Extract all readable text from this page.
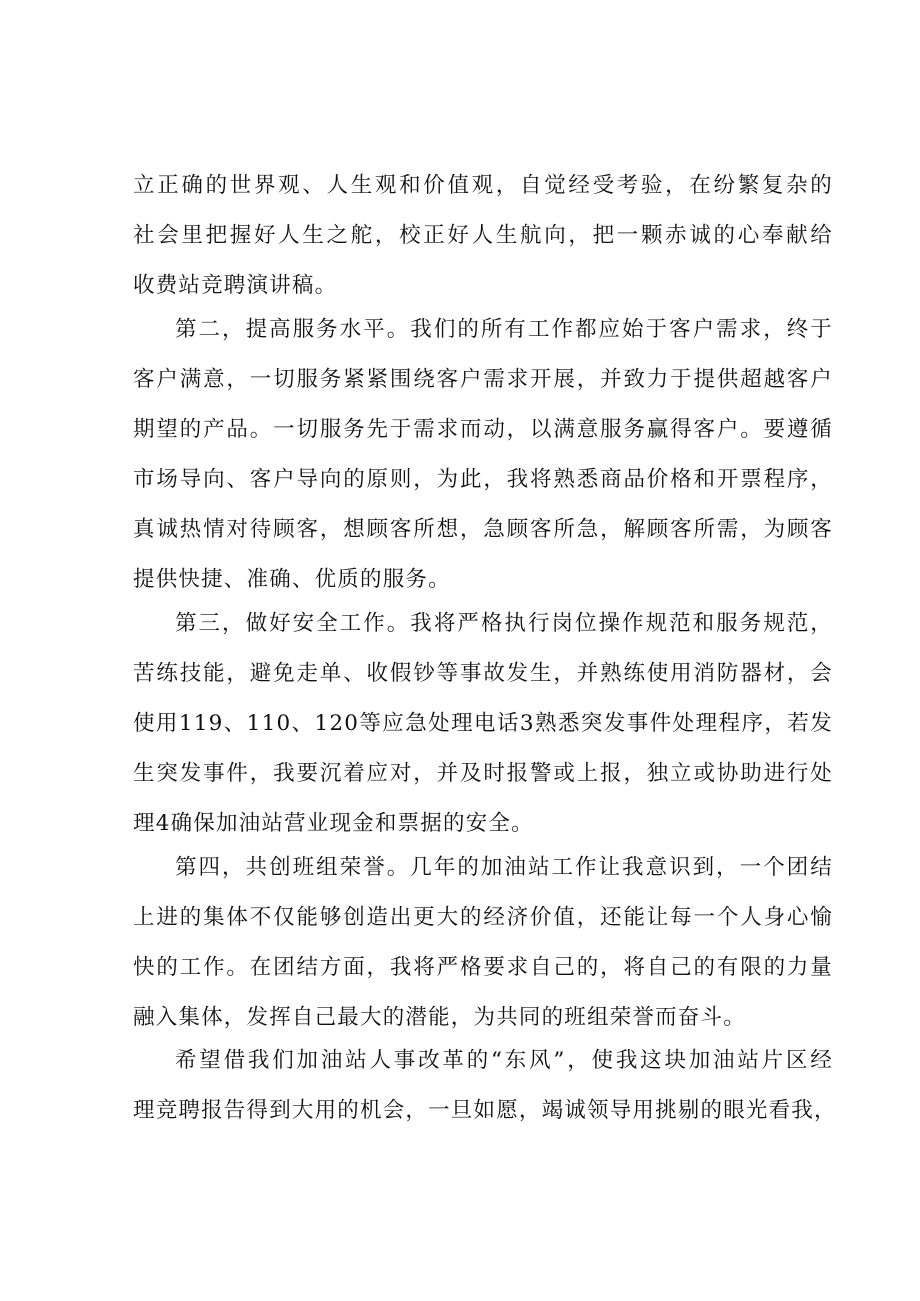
立正确的世界观、人生观和价值观，自觉经受考验，在纷繁复杂的
社会里把握好人生之舵，校正好人生航向，把一颗赤诚的心奉献给
收费站竞聘演讲稿。
第二，提高服务水平。我们的所有工作都应始于客户需求，终于
客户满意，一切服务紧紧围绕客户需求开展，并致力于提供超越客户
期望的产品。一切服务先于需求而动，以满意服务赢得客户。要遵循
市场导向、客户导向的原则，为此，我将熟悉商品价格和开票程序，
真诚热情对待顾客，想顾客所想，急顾客所急，解顾客所需，为顾客
提供快捷、准确、优质的服务。
第三，做好安全工作。我将严格执行岗位操作规范和服务规范，
苦练技能，避免走单、收假钞等事故发生，并熟练使用消防器材，会
使用119、110、120等应急处理电话3熟悉突发事件处理程序，若发
生突发事件，我要沉着应对，并及时报警或上报，独立或协助进行处
理4确保加油站营业现金和票据的安全。
第四，共创班组荣誉。几年的加油站工作让我意识到，一个团结
上进的集体不仅能够创造出更大的经济价值，还能让每一个人身心愉
快的工作。在团结方面，我将严格要求自己的，将自己的有限的力量
融入集体，发挥自己最大的潜能，为共同的班组荣誉而奋斗。
希望借我们加油站人事改革的“东风”，使我这块加油站片区经
理竞聘报告得到大用的机会，一旦如愿，竭诚领导用挑剔的眼光看我，
